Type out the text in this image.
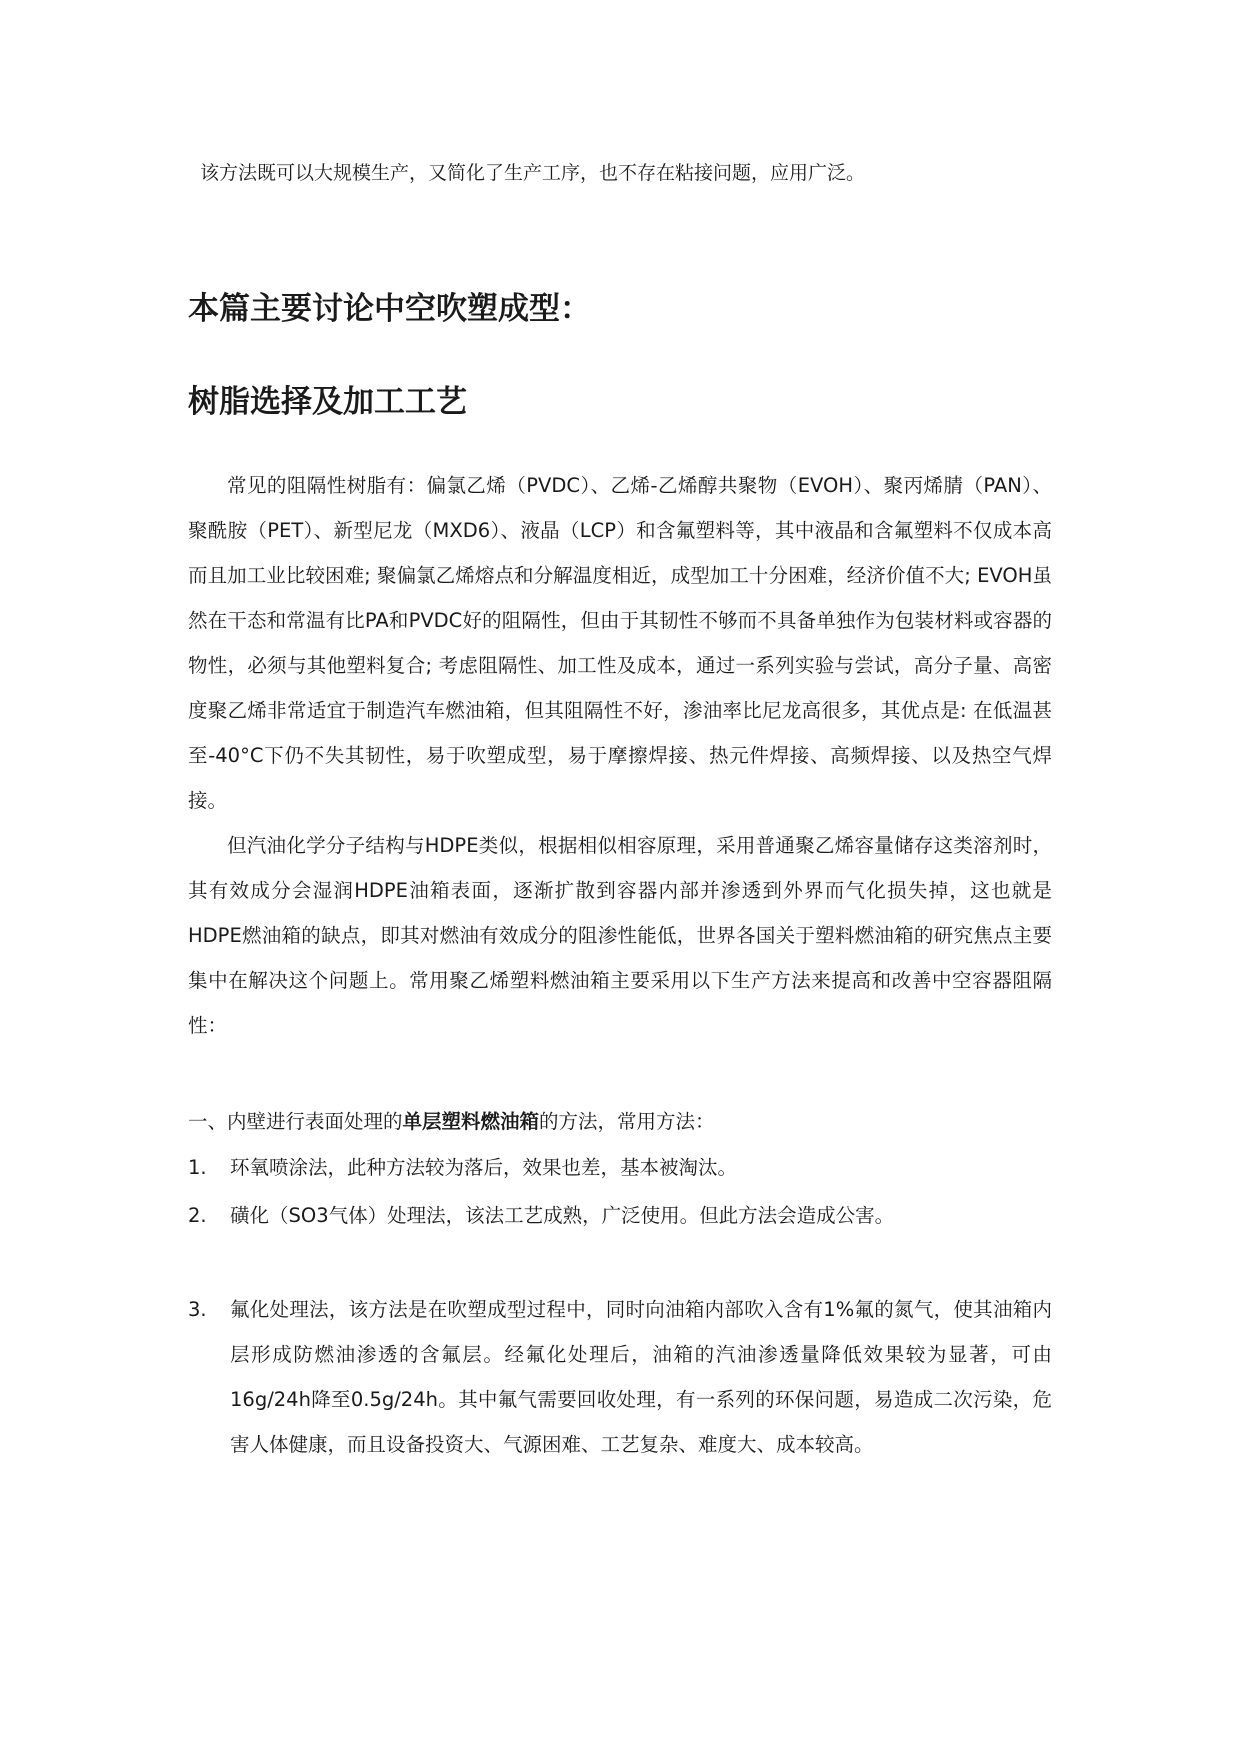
该方法既可以大规模生产，又简化了生产工序，也不存在粘接问题，应用广泛。

本篇主要讨论中空吹塑成型：
树脂选择及加工工艺

常见的阻隔性树脂有：偏氯乙烯（PVDC）、乙烯-乙烯醇共聚物（EVOH）、聚丙烯腈（PAN）、聚酰胺（PET）、新型尼龙（MXD6）、液晶（LCP）和含氟塑料等，其中液晶和含氟塑料不仅成本高而且加工业比较困难; 聚偏氯乙烯熔点和分解温度相近，成型加工十分困难，经济价值不大; EVOH虽然在干态和常温有比PA和PVDC好的阻隔性，但由于其韧性不够而不具备单独作为包装材料或容器的物性，必须与其他塑料复合; 考虑阻隔性、加工性及成本，通过一系列实验与尝试，高分子量、高密度聚乙烯非常适宜于制造汽车燃油箱，但其阻隔性不好，渗油率比尼龙高很多，其优点是: 在低温甚至-40°C下仍不失其韧性，易于吹塑成型，易于摩擦焊接、热元件焊接、高频焊接、以及热空气焊接。

但汽油化学分子结构与HDPE类似，根据相似相容原理，采用普通聚乙烯容量储存这类溶剂时，其有效成分会湿润HDPE油箱表面，逐渐扩散到容器内部并渗透到外界而气化损失掉，这也就是HDPE燃油箱的缺点，即其对燃油有效成分的阻渗性能低，世界各国关于塑料燃油箱的研究焦点主要集中在解决这个问题上。常用聚乙烯塑料燃油箱主要采用以下生产方法来提高和改善中空容器阻隔性：

一、内壁进行表面处理的单层塑料燃油箱的方法，常用方法：

1.	环氧喷涂法，此种方法较为落后，效果也差，基本被淘汰。
2.	磺化（SO3气体）处理法，该法工艺成熟，广泛使用。但此方法会造成公害。
3.	氟化处理法，该方法是在吹塑成型过程中，同时向油箱内部吹入含有1%氟的氮气，使其油箱内层形成防燃油渗透的含氟层。经氟化处理后，油箱的汽油渗透量降低效果较为显著，可由16g/24h降至0.5g/24h。其中氟气需要回收处理，有一系列的环保问题，易造成二次污染，危害人体健康，而且设备投资大、气源困难、工艺复杂、难度大、成本较高。
